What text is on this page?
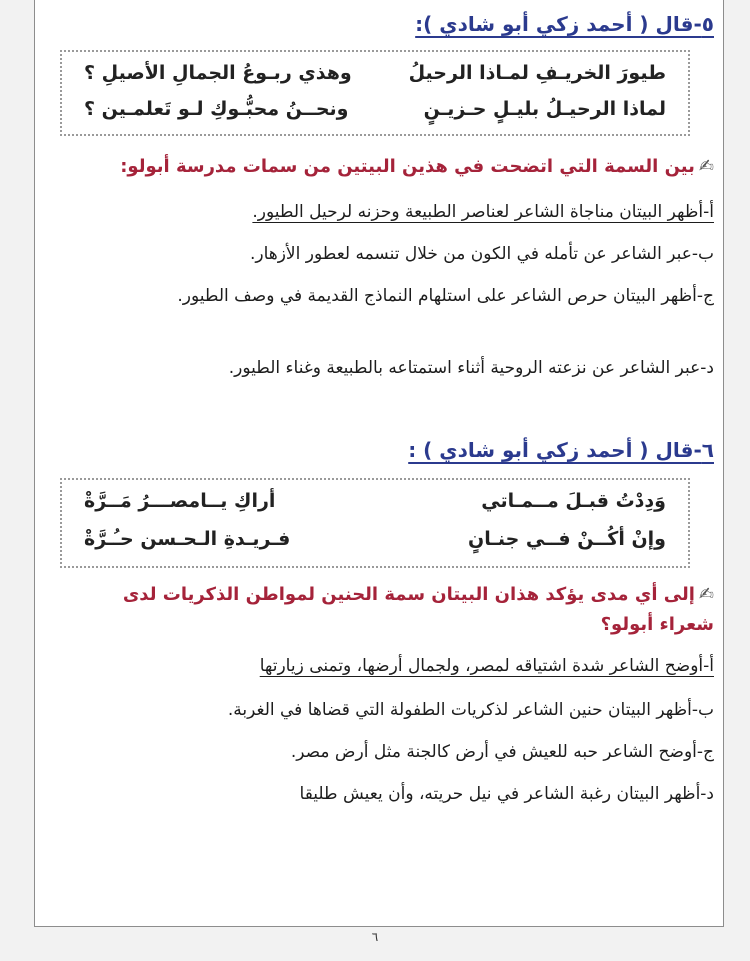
٥-قال ( أحمد زكي أبو شادي ):
طيورَ الخريـفِ لمـاذا الرحيلُ
وهذي ربـوعُ الجمالِ الأصيلِ ؟
لماذا الرحيـلُ بليـلٍ حـزيـنٍ
ونحــنُ محبُّـوكِ لـو تَعلمـين ؟
✍بين السمة التي اتضحت في هذين البيتين من سمات مدرسة أبولو:
أ-أظهر البيتان مناجاة الشاعر لعناصر الطبيعة وحزنه لرحيل الطيور.
ب-عبر الشاعر عن تأمله في الكون من خلال تنسمه لعطور الأزهار.
ج-أظهر البيتان حرص الشاعر على استلهام النماذج القديمة في وصف الطيور.
د-عبر الشاعر عن نزعته الروحية أثناء استمتاعه بالطبيعة وغناء الطيور.
٦-قال ( أحمد زكي أبو شادي ) :
وَدِدْتُ قبـلَ مــمـاتي
أراكِ يــامصـــرُ مَــرَّةْ
وإنْ أكُــنْ فــي جنـانٍ
فـريـدةِ الـحـسن حـُـرَّةْ
✍إلى أي مدى يؤكد هذان البيتان سمة الحنين لمواطن الذكريات لدى شعراء أبولو؟
أ-أوضح الشاعر شدة اشتياقه لمصر، ولجمال أرضها، وتمنى زيارتها
ب-أظهر البيتان حنين الشاعر لذكريات الطفولة التي قضاها في الغربة.
ج-أوضح الشاعر حبه للعيش في أرض كالجنة مثل أرض مصر.
د-أظهر البيتان رغبة الشاعر في نيل حريته، وأن يعيش طليقا
٦
